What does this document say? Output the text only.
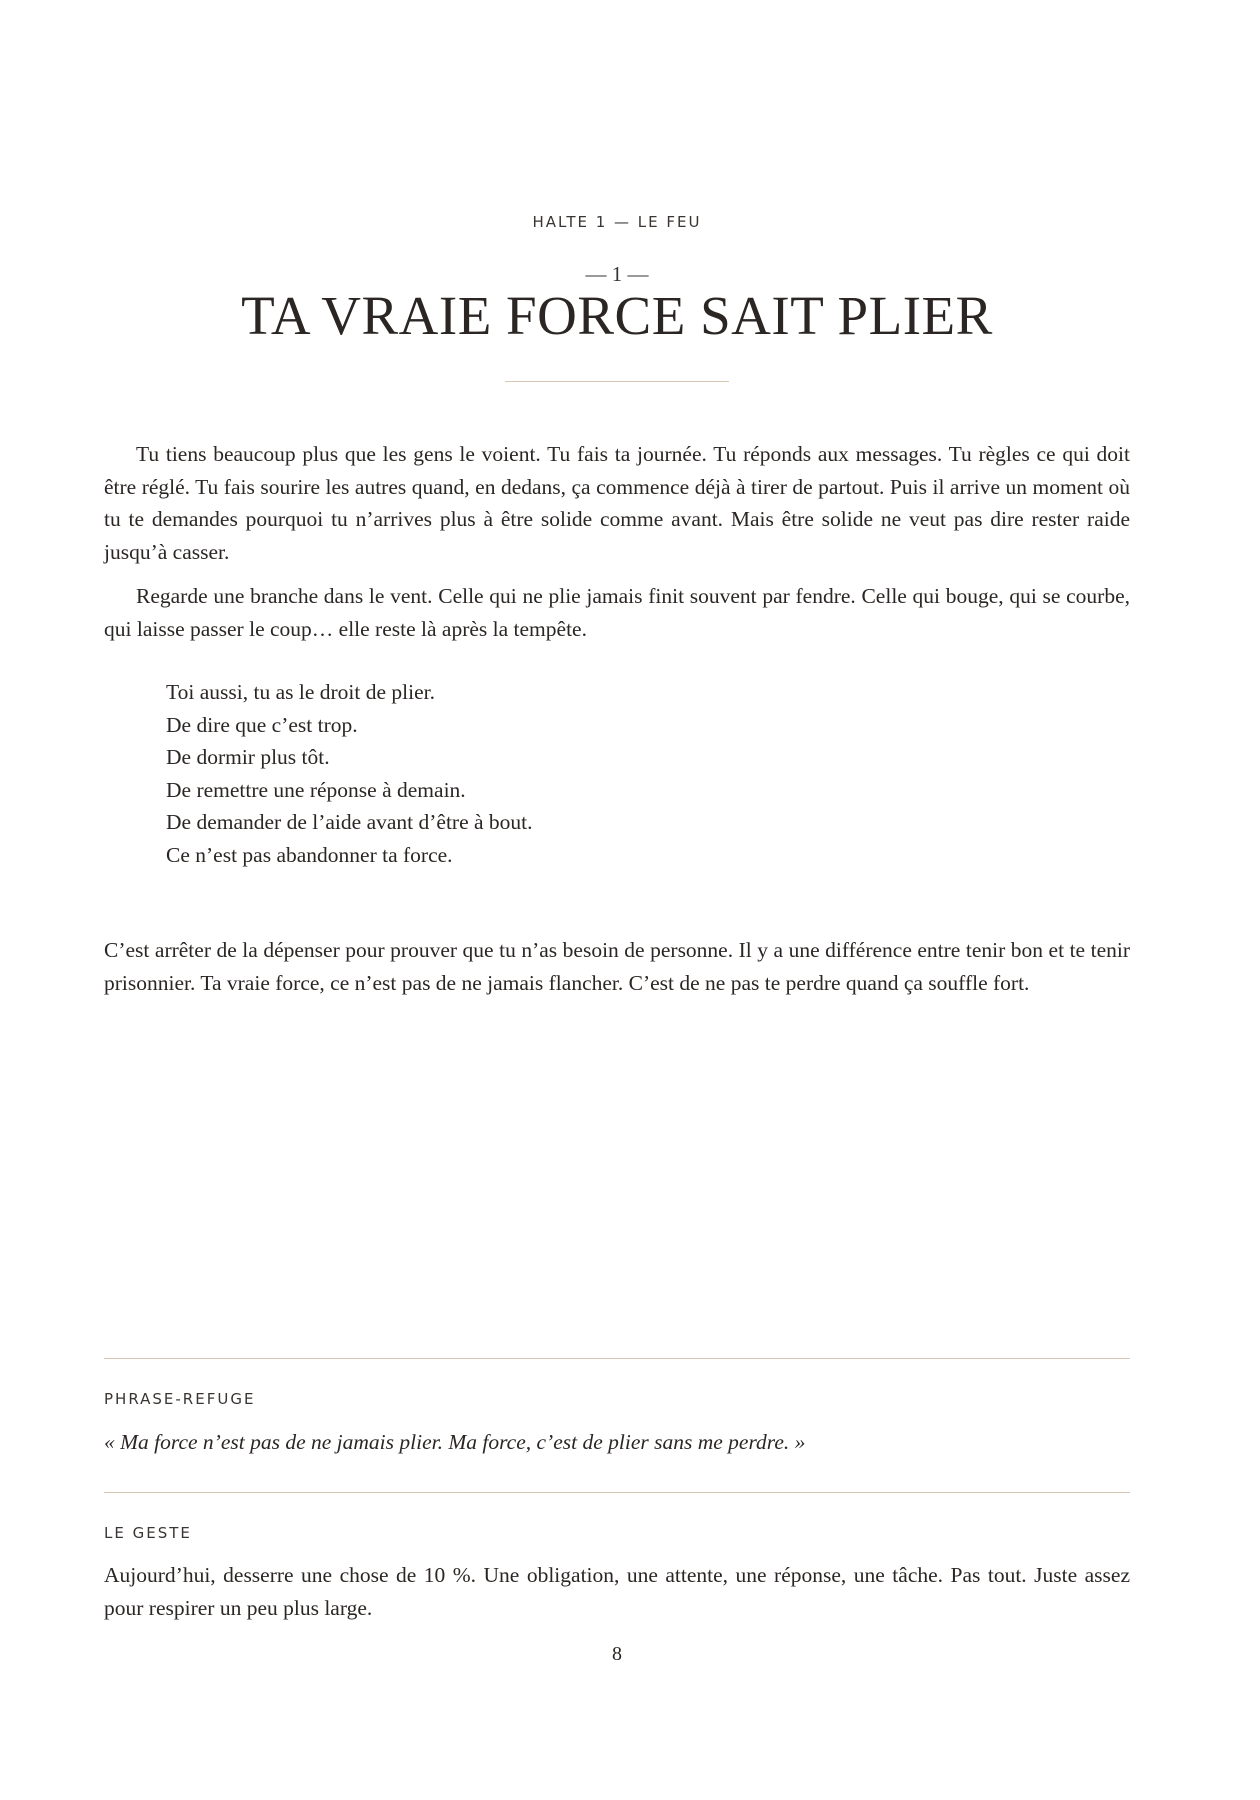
HALTE 1 — LE FEU
— 1 —
TA VRAIE FORCE SAIT PLIER

Tu tiens beaucoup plus que les gens le voient. Tu fais ta journée. Tu réponds aux messages. Tu règles ce qui doit être réglé. Tu fais sourire les autres quand, en dedans, ça commence déjà à tirer de partout. Puis il arrive un moment où tu te demandes pourquoi tu n’arrives plus à être solide comme avant. Mais être solide ne veut pas dire rester raide jusqu’à casser.

Regarde une branche dans le vent. Celle qui ne plie jamais finit souvent par fendre. Celle qui bouge, qui se courbe, qui laisse passer le coup… elle reste là après la tempête.

Toi aussi, tu as le droit de plier.
De dire que c’est trop.
De dormir plus tôt.
De remettre une réponse à demain.
De demander de l’aide avant d’être à bout.
Ce n’est pas abandonner ta force.

C’est arrêter de la dépenser pour prouver que tu n’as besoin de personne. Il y a une différence entre tenir bon et te tenir prisonnier. Ta vraie force, ce n’est pas de ne jamais flancher. C’est de ne pas te perdre quand ça souffle fort.

PHRASE-REFUGE

« Ma force n’est pas de ne jamais plier. Ma force, c’est de plier sans me perdre. »

LE GESTE

Aujourd’hui, desserre une chose de 10 %. Une obligation, une attente, une réponse, une tâche. Pas tout. Juste assez pour respirer un peu plus large.

8
